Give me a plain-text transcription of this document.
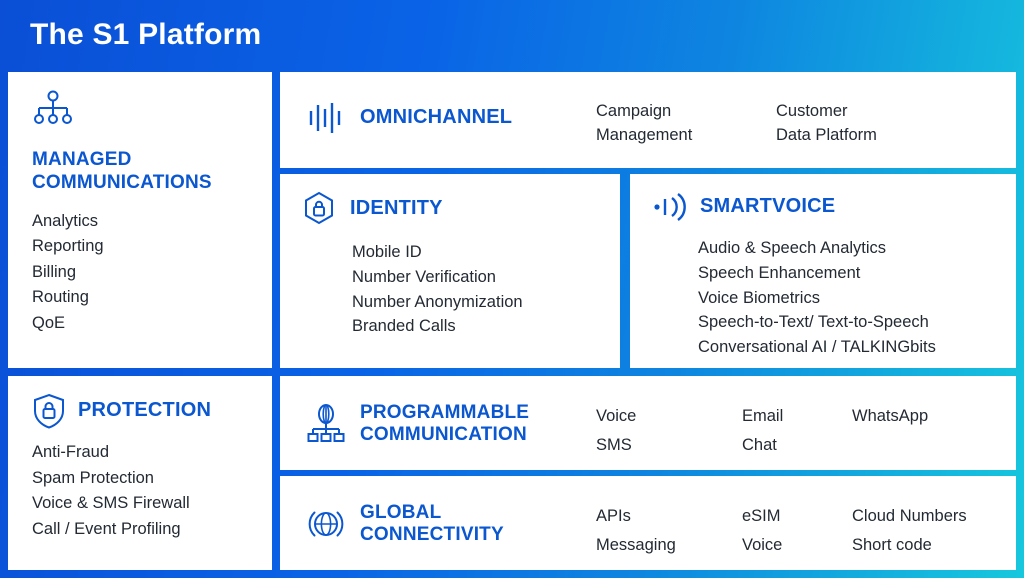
The S1 Platform
MANAGED
COMMUNICATIONS
Analytics
Reporting
Billing
Routing
QoE
PROTECTION
Anti-Fraud
Spam Protection
Voice & SMS Firewall
Call / Event Profiling
OMNICHANNEL	Campaign
Management
Customer
Data Platform
IDENTITY
Mobile ID
Number Verification
Number Anonymization
Branded Calls
SMARTVOICE
Audio & Speech Analytics
Speech Enhancement
Voice Biometrics
Speech-to-Text/ Text-to-Speech
Conversational AI / TALKINGbits
PROGRAMMABLE
COMMUNICATION
Voice
SMS
Email
Chat
WhatsApp
GLOBAL
CONNECTIVITY
APIs
Messaging
eSIM
Voice
Cloud Numbers
Short code
